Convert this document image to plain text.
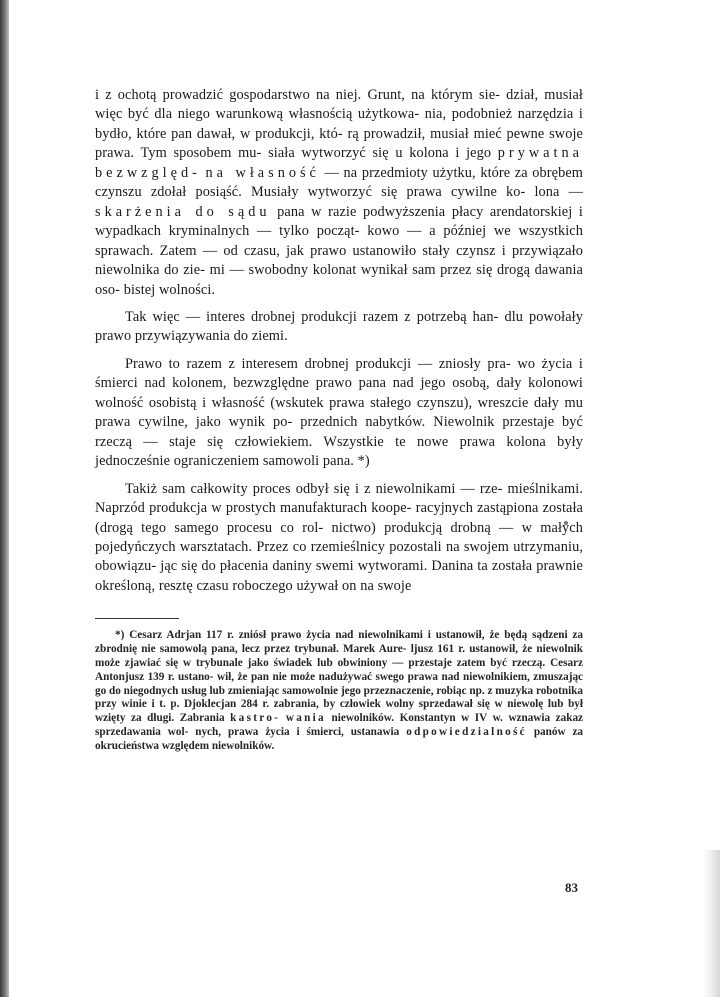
i z ochotą prowadzić gospodarstwo na niej. Grunt, na którym sie- dział, musiał więc być dla niego warunkową własnością użytkowa- nia, podobnież narzędzia i bydło, które pan dawał, w produkcji, któ- rą prowadził, musiał mieć pewne swoje prawa. Tym sposobem mu- siała wytworzyć się u kolona i jego prywatna bezwzględ- na własność — na przedmioty użytku, które za obrębem czynszu zdołał posiąść. Musiały wytworzyć się prawa cywilne ko- lona — skarżenia do sądu pana w razie podwyższenia płacy arendatorskiej i wypadkach kryminalnych — tylko począt- kowo — a później we wszystkich sprawach. Zatem — od czasu, jak prawo ustanowiło stały czynsz i przywiązało niewolnika do zie- mi — swobodny kolonat wynikał sam przez się drogą dawania oso- bistej wolności.

Tak więc — interes drobnej produkcji razem z potrzebą han- dlu powołały prawo przywiązywania do ziemi.

Prawo to razem z interesem drobnej produkcji — zniosły pra- wo życia i śmierci nad kolonem, bezwzględne prawo pana nad jego osobą, dały kolonowi wolność osobistą i własność (wskutek prawa stałego czynszu), wreszcie dały mu prawa cywilne, jako wynik po- przednich nabytków. Niewolnik przestaje być rzeczą — staje się człowiekiem. Wszystkie te nowe prawa kolona były jednocześnie ograniczeniem samowoli pana. *)

Takiż sam całkowity proces odbył się i z niewolnikami — rze- mieślnikami. Naprzód produkcja w prostych manufakturach koope- racyjnych zastąpiona została (drogą tego samego procesu co rol- nictwo) produkcją drobną — w małych pojedyńczych warsztatach. Przez co rzemieślnicy pozostali na swojem utrzymaniu, obowiązu- jąc się do płacenia daniny swemi wytworami. Danina ta została prawnie określoną, resztę czasu roboczego używał on na swoje

*) Cesarz Adrjan 117 r. zniósł prawo życia nad niewolnikami i ustanowił, że będą sądzeni za zbrodnię nie samowolą pana, lecz przez trybunał. Marek Aure- ljusz 161 r. ustanowił, że niewolnik może zjawiać się w trybunale jako świadek lub obwiniony — przestaje zatem być rzeczą. Cesarz Antonjusz 139 r. ustano- wił, że pan nie może nadużywać swego prawa nad niewolnikiem, zmuszając go do niegodnych usług lub zmieniając samowolnie jego przeznaczenie, robiąc np. z muzyka robotnika przy winie i t. p. Djoklecjan 284 r. zabrania, by człowiek wolny sprzedawał się w niewolę lub był wzięty za długi. Zabrania kastro- wania niewolników. Konstantyn w IV w. wznawia zakaz sprzedawania wol- nych, prawa życia i śmierci, ustanawia odpowiedzialność panów za okrucieństwa względem niewolników.

83
